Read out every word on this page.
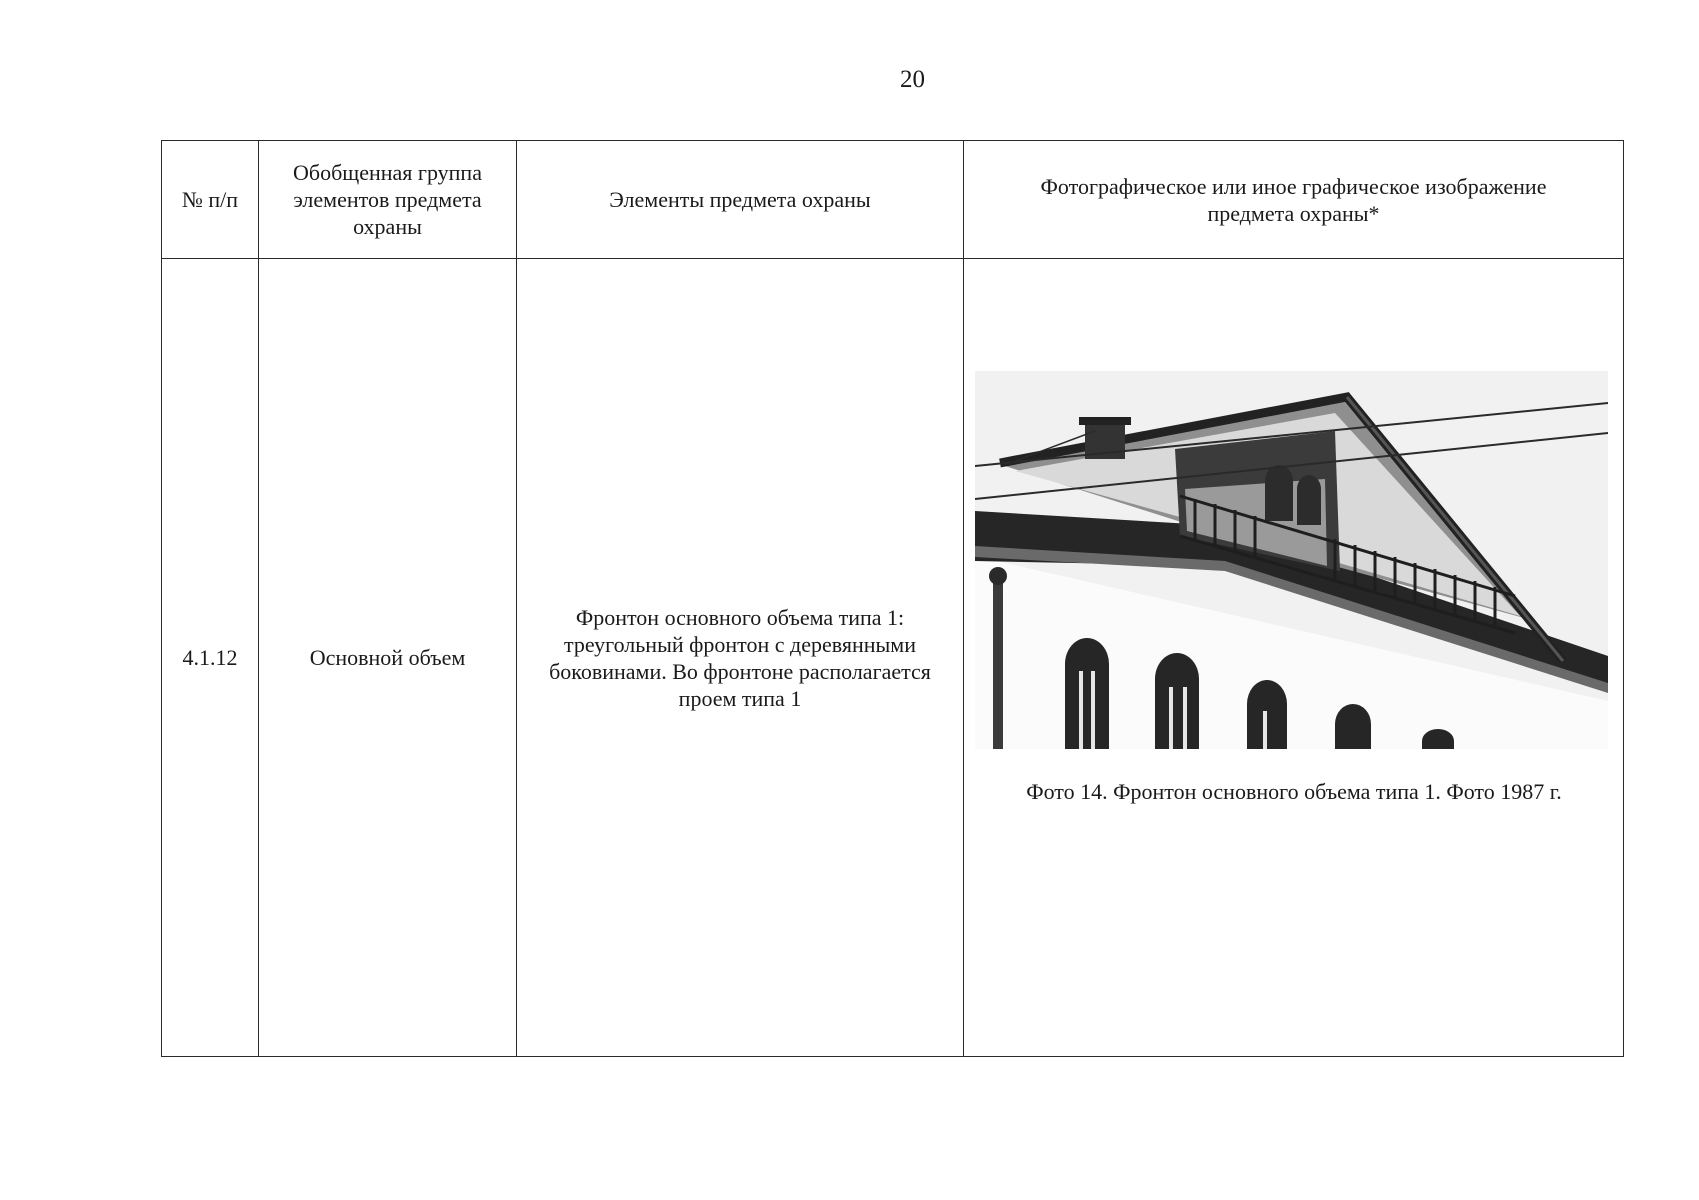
20
№ п/п	Обобщенная группа элементов предмета охраны	Элементы предмета охраны	Фотографическое или иное графическое изображение предмета охраны*
4.1.12	Основной объем	Фронтон основного объема типа 1: треугольный фронтон с деревянными боковинами. Во фронтоне располагается проем типа 1	Фото 14. Фронтон основного объема типа 1. Фото 1987 г.
